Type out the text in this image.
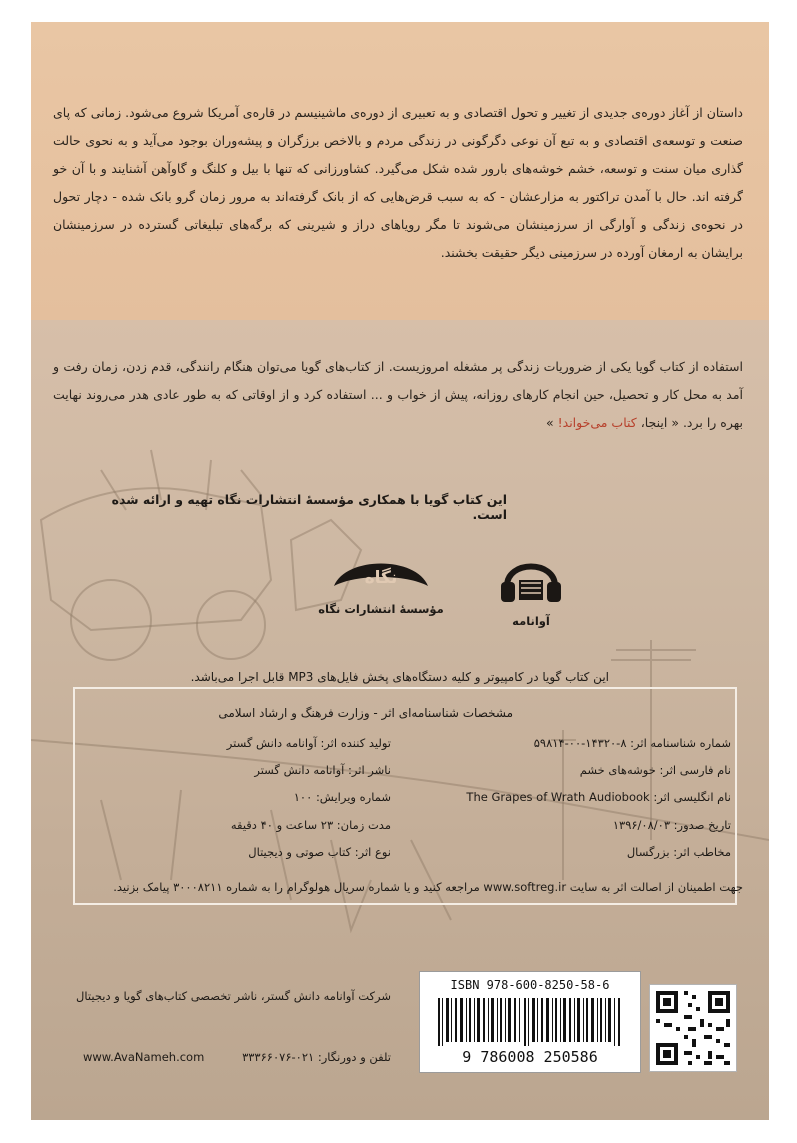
داستان از آغاز دوره‌ی جدیدی از تغییر و تحول اقتصادی و به تعبیری از دوره‌ی ماشینیسم در قاره‌ی آمریکا شروع می‌شود. زمانی که پای صنعت و توسعه‌ی اقتصادی و به تبع آن نوعی دگرگونی در زندگی مردم و بالاخص برزگران و پیشه‌وران بوجود می‌آید و به نحوی حالت گذاری میان سنت و توسعه، خشم خوشه‌های بارور شده شکل می‌گیرد. کشاورزانی که تنها با بیل و کلنگ و گاوآهن آشنایند و با آن خو گرفته اند. حال با آمدن تراکتور به مزارعشان - که به سبب قرض‌هایی که از بانک گرفته‌اند به مرور زمان گرو بانک شده - دچار تحول در نحوه‌ی زندگی و آوارگی از سرزمینشان می‌شوند تا مگر رویاهای دراز و شیرینی که برگه‌های تبلیغاتی گسترده در سرزمینشان برایشان به ارمغان آورده در سرزمینی دیگر حقیقت بخشند.

استفاده از کتاب گویا یکی از ضروریات زندگی پر مشغله امروزیست. از کتاب‌های گویا می‌توان هنگام رانندگی، قدم زدن، زمان رفت و آمد به محل کار و تحصیل، حین انجام کارهای روزانه، پیش از خواب و ... استفاده کرد و از اوقاتی که به طور عادی هدر می‌روند نهایت بهره را برد. « اینجا، کتاب می‌خواند! »

این کتاب گویا با همکاری مؤسسهٔ انتشارات نگاه تهیه و ارائه شده است.
نگاه
مؤسسهٔ انتشارات نگاه
آوانامه
این کتاب گویا در کامپیوتر و کلیه دستگاه‌های پخش فایل‌های MP3 قابل اجرا می‌باشد.
مشخصات شناسنامه‌ای اثر - وزارت فرهنگ و ارشاد اسلامی
شماره شناسنامه اثر: ۵۹۸۱۴-۰۰-۱۴۳۲۰-۸
نام فارسی اثر: خوشه‌های خشم
نام انگلیسی اثر: The Grapes of Wrath Audiobook
تاریخ صدور: ۱۳۹۶/۰۸/۰۳
مخاطب اثر: بزرگسال
تولید کننده اثر: آوانامه دانش گستر
ناشر اثر: آوانامه دانش گستر
شماره ویرایش: ۱۰۰
مدت زمان: ۲۳ ساعت و ۴۰ دقیقه
نوع اثر: کتاب صوتی و دیجیتال
جهت اطمینان از اصالت اثر به سایت www.softreg.ir مراجعه کنید و یا شماره سریال هولوگرام را به شماره ۳۰۰۰۸۲۱۱ پیامک بزنید.
ISBN 978-600-8250-58-6
9 786008 250586
شرکت آوانامه دانش گستر، ناشر تخصصی کتاب‌های گویا و دیجیتال
تلفن و دورنگار: ۰۲۱-۳۳۳۶۶۰۷۶
www.AvaNameh.com
